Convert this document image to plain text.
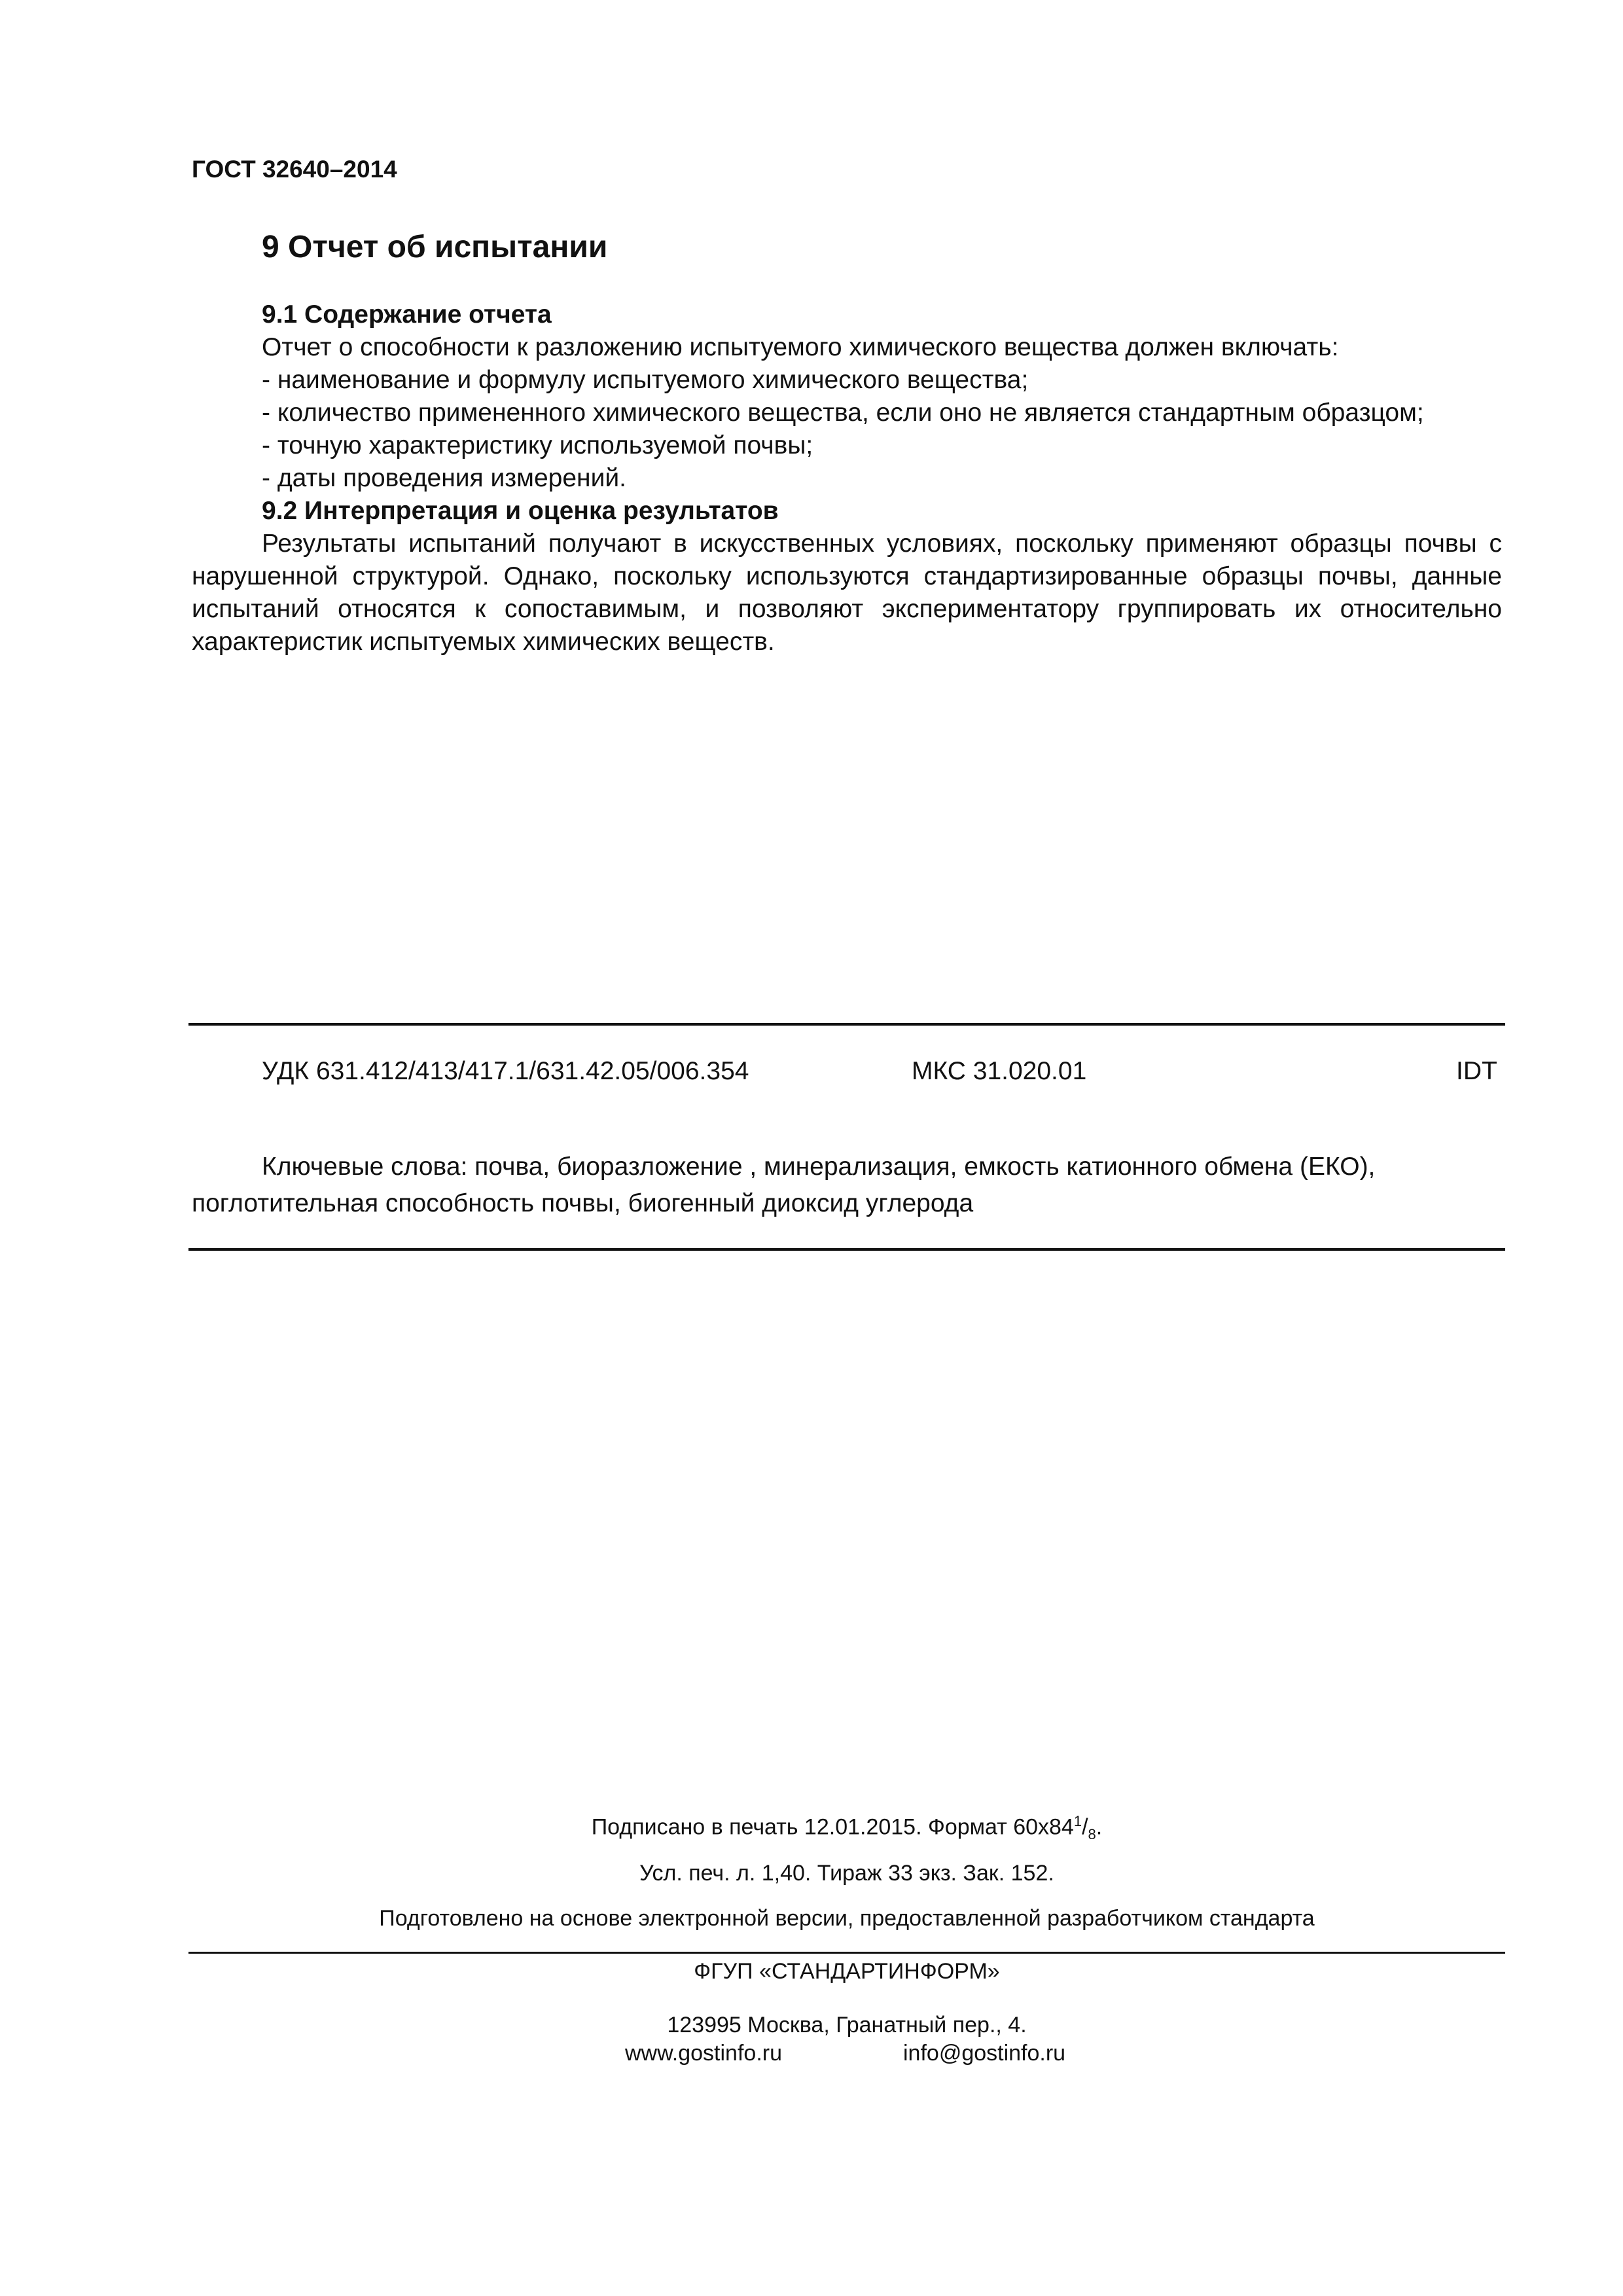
ГОСТ 32640–2014
9 Отчет об испытании
9.1 Содержание отчета
Отчет о способности к разложению испытуемого химического вещества должен включать:
- наименование и формулу испытуемого химического вещества;
- количество примененного химического вещества, если оно не является стандартным образцом;
- точную характеристику используемой почвы;
- даты проведения измерений.
9.2 Интерпретация и оценка результатов
Результаты испытаний получают в искусственных условиях, поскольку применяют образцы почвы с нарушенной структурой. Однако, поскольку используются стандартизированные образцы почвы, данные испытаний относятся к сопоставимым, и позволяют экспериментатору группировать их относительно характеристик испытуемых химических веществ.
УДК 631.412/413/417.1/631.42.05/006.354	МКС 31.020.01	IDT
Ключевые слова: почва, биоразложение , минерализация, емкость катионного обмена (ЕКО), поглотительная способность почвы, биогенный диоксид углерода
Подписано в печать 12.01.2015. Формат $60х84^1/_8$.
Усл. печ. л. 1,40. Тираж 33 экз. Зак. 152.
Подготовлено на основе электронной версии, предоставленной разработчиком стандарта
ФГУП «СТАНДАРТИНФОРМ»
123995 Москва, Гранатный пер., 4.
www.gostinfo.ru	info@gostinfo.ru
